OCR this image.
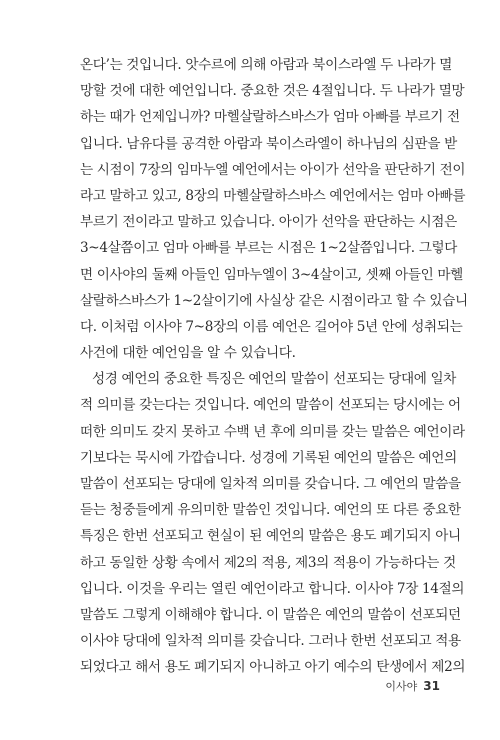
온다’는 것입니다. 앗수르에 의해 아람과 북이스라엘 두 나라가 멸
망할 것에 대한 예언입니다. 중요한 것은 4절입니다. 두 나라가 멸망
하는 때가 언제입니까? 마헬살랄하스바스가 엄마 아빠를 부르기 전
입니다. 남유다를 공격한 아람과 북이스라엘이 하나님의 심판을 받
는 시점이 7장의 임마누엘 예언에서는 아이가 선악을 판단하기 전이
라고 말하고 있고, 8장의 마헬살랄하스바스 예언에서는 엄마 아빠를
부르기 전이라고 말하고 있습니다. 아이가 선악을 판단하는 시점은
3~4살쯤이고 엄마 아빠를 부르는 시점은 1~2살쯤입니다. 그렇다
면 이사야의 둘째 아들인 임마누엘이 3~4살이고, 셋째 아들인 마헬
살랄하스바스가 1~2살이기에 사실상 같은 시점이라고 할 수 있습니
다. 이처럼 이사야 7~8장의 이름 예언은 길어야 5년 안에 성취되는
사건에 대한 예언임을 알 수 있습니다.
성경 예언의 중요한 특징은 예언의 말씀이 선포되는 당대에 일차
적 의미를 갖는다는 것입니다. 예언의 말씀이 선포되는 당시에는 어
떠한 의미도 갖지 못하고 수백 년 후에 의미를 갖는 말씀은 예언이라
기보다는 묵시에 가깝습니다. 성경에 기록된 예언의 말씀은 예언의
말씀이 선포되는 당대에 일차적 의미를 갖습니다. 그 예언의 말씀을
듣는 청중들에게 유의미한 말씀인 것입니다. 예언의 또 다른 중요한
특징은 한번 선포되고 현실이 된 예언의 말씀은 용도 폐기되지 아니
하고 동일한 상황 속에서 제2의 적용, 제3의 적용이 가능하다는 것
입니다. 이것을 우리는 열린 예언이라고 합니다. 이사야 7장 14절의
말씀도 그렇게 이해해야 합니다. 이 말씀은 예언의 말씀이 선포되던
이사야 당대에 일차적 의미를 갖습니다. 그러나 한번 선포되고 적용
되었다고 해서 용도 폐기되지 아니하고 아기 예수의 탄생에서 제2의
이사야 31
